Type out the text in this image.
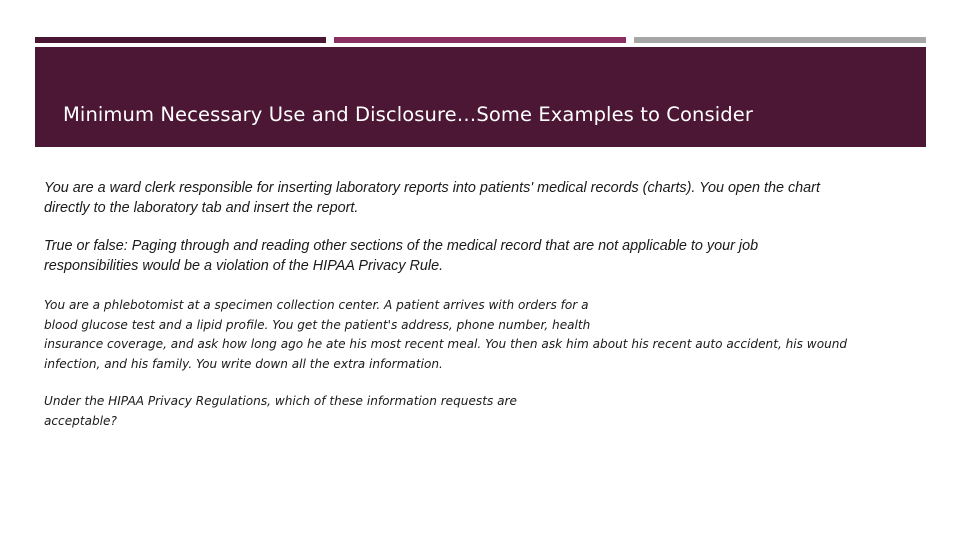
Minimum Necessary Use and Disclosure…Some Examples to Consider

You are a ward clerk responsible for inserting laboratory reports into patients' medical records (charts). You open the chart
directly to the laboratory tab and insert the report.

True or false: Paging through and reading other sections of the medical record that are not applicable to your job
responsibilities would be a violation of the HIPAA Privacy Rule.

You are a phlebotomist at a specimen collection center. A patient arrives with orders for a
blood glucose test and a lipid profile. You get the patient's address, phone number, health
insurance coverage, and ask how long ago he ate his most recent meal. You then ask him about his recent auto accident, his wound
infection, and his family. You write down all the extra information.

Under the HIPAA Privacy Regulations, which of these information requests are
acceptable?
